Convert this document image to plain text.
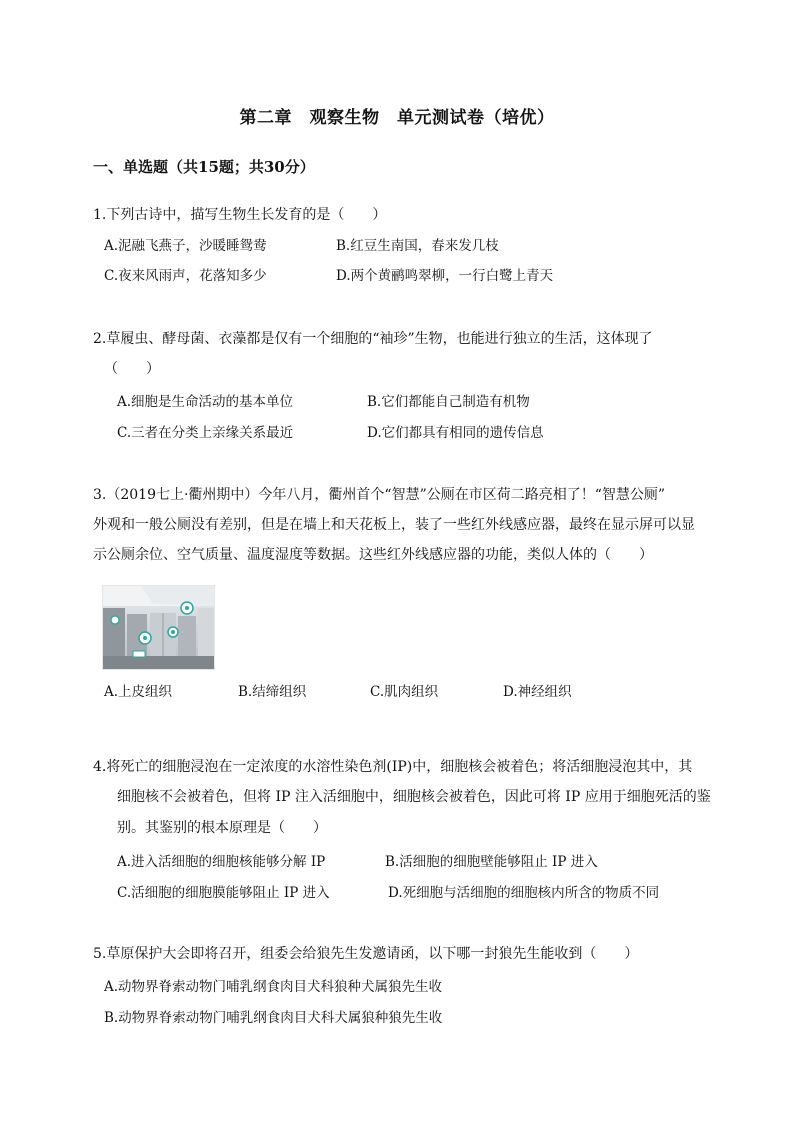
第二章　观察生物　单元测试卷（培优）
一、单选题（共15题；共30分）
1.下列古诗中，描写生物生长发育的是（　　）
A.泥融飞燕子，沙暖睡鸳鸯	B.红豆生南国，春来发几枝
C.夜来风雨声，花落知多少	D.两个黄鹂鸣翠柳，一行白鹭上青天
2.草履虫、酵母菌、衣藻都是仅有一个细胞的“袖珍”生物，也能进行独立的生活，这体现了
（　　）
A.细胞是生命活动的基本单位	B.它们都能自己制造有机物
C.三者在分类上亲缘关系最近	D.它们都具有相同的遗传信息
3.（2019七上·衢州期中）今年八月，衢州首个“智慧”公厕在市区荷二路亮相了！“智慧公厕”
外观和一般公厕没有差别，但是在墙上和天花板上，装了一些红外线感应器，最终在显示屏可以显
示公厕余位、空气质量、温度湿度等数据。这些红外线感应器的功能，类似人体的（　　）
A.上皮组织	B.结缔组织	C.肌肉组织	D.神经组织
4.将死亡的细胞浸泡在一定浓度的水溶性染色剂(IP)中，细胞核会被着色；将活细胞浸泡其中，其
细胞核不会被着色，但将 IP 注入活细胞中，细胞核会被着色，因此可将 IP 应用于细胞死活的鉴
别。其鉴别的根本原理是（　　）
A.进入活细胞的细胞核能够分解 IP	B.活细胞的细胞壁能够阻止 IP 进入
C.活细胞的细胞膜能够阻止 IP 进入	D.死细胞与活细胞的细胞核内所含的物质不同
5.草原保护大会即将召开，组委会给狼先生发邀请函，以下哪一封狼先生能收到（　　）
A.动物界脊索动物门哺乳纲食肉目犬科狼种犬属狼先生收
B.动物界脊索动物门哺乳纲食肉目犬科犬属狼种狼先生收
